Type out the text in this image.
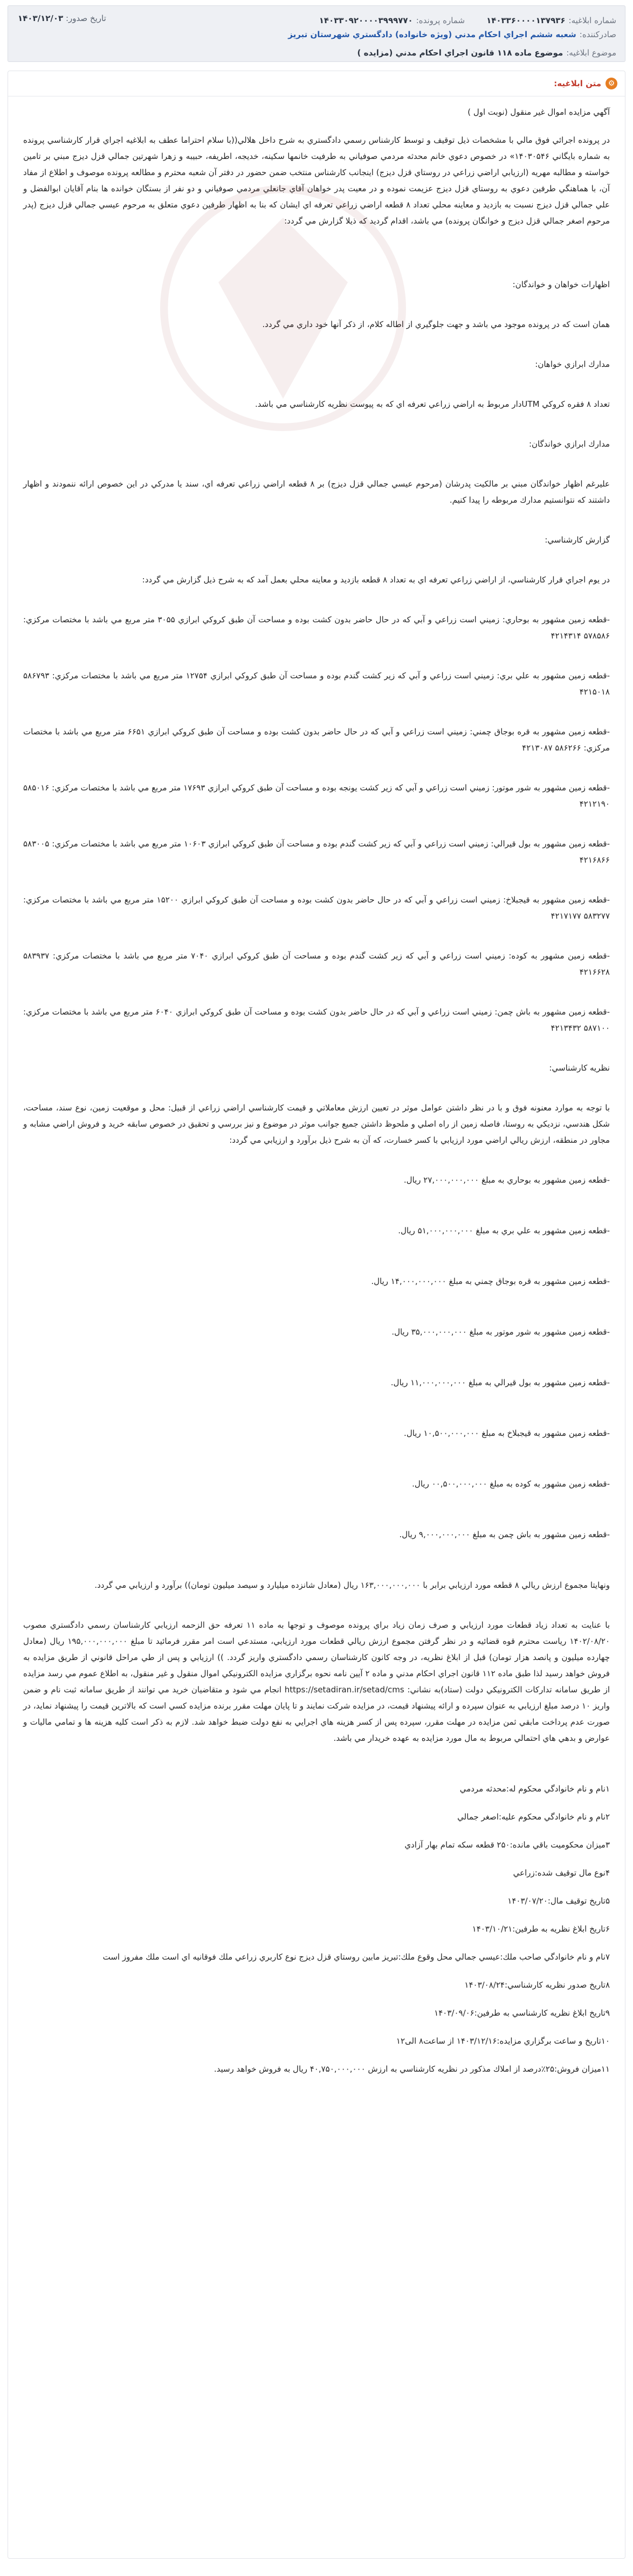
شماره ابلاغيه:
۱۴۰۳۳۶۰۰۰۰۱۳۷۹۳۶
شماره پرونده:
۱۴۰۳۳۰۹۲۰۰۰۰۳۹۹۹۷۷۰
تاريخ صدور: ۱۴۰۳/۱۲/۰۳
صادرکننده:
شعبه ششم اجراي احكام مدني (ويژه خانواده) دادگستري شهرستان تبريز
موضوع ابلاغيه:
موضوع ماده ۱۱۸ قانون اجراي احکام مدني (مزايده )
⚙
متن ابلاغيه:

آگهي مزايده اموال غير منقول (نوبت اول )

در پرونده اجرائي فوق مالي با مشخصات ذيل توقيف و توسط كارشناس رسمي دادگستري به شرح داخل هلالي((با سلام احتراما عطف به ابلاغيه اجراي قرار كارشناسي پرونده به شماره بايگاني ۱۴۰۳۰۵۴۶» در خصوص دعوي خانم محدثه مردمي صوفياني به طرفيت خانمها سكينه، خديجه، اطريفه، حبيبه و زهرا شهرتين جمالي قزل دیزج مبني بر تامين خواسته و مطالبه مهريه (ارزيابي اراضي زراعي در روستاي قزل دیزج) اينجانب كارشناس منتخب ضمن حضور در دفتر آن شعبه محترم و مطالعه پرونده موصوف و اطلاع از مفاد آن، با هماهنگي طرفين دعوي به روستاي قزل ديزج عزيمت نموده و در معيت پدر خواهان آقاي جانعلي مردمي صوفياني و دو نفر از بستگان خوانده ها بنام آقايان ابوالفضل و علي جمالي قزل ديزج نسبت به بازديد و معاينه محلي تعداد ۸ قطعه اراضي زراعي تعرفه اي ايشان كه بنا به اظهار طرفين دعوي متعلق به مرحوم عيسي جمالي قزل دیزج (پدر مرحوم اصغر جمالي قزل دیزج و خوانگان پرونده) مي باشد، اقدام گرديد كه ذيلا گزارش مي گردد:

اظهارات خواهان و خواندگان:

همان است كه در پرونده موجود مي باشد و جهت جلوگيري از اطاله كلام، از ذكر آنها خود داري مي گردد.

مدارك ابرازي خواهان:

تعداد ۸ فقره كروكي UTMدار مربوط به اراضي زراعي تعرفه اي كه به پيوست نظريه كارشناسي مي باشد.

مدارك ابرازي خواندگان:

عليرغم اظهار خواندگان مبني بر مالكيت پدرشان (مرحوم عيسي جمالي قزل ديزج) بر ۸ قطعه اراضي زراعي تعرفه اي، سند يا مدركي در اين خصوص ارائه ننمودند و اظهار داشتند كه نتوانستيم مدارك مربوطه را پيدا كنيم.

گزارش كارشناسي:

در يوم اجراي قرار كارشناسي، از اراضي زراعي تعرفه اي به تعداد ۸ قطعه بازديد و معاينه محلي بعمل آمد كه به شرح ذيل گزارش مي گردد:

-قطعه زمين مشهور به بوحاري: زميني است زراعي و آبي كه در حال حاضر بدون كشت بوده و مساحت آن طبق كروكي ابرازي ۳۰۵۵ متر مربع مي باشد با مختصات مركزي: ۵۷۸۵۸۶ ۴۲۱۴۳۱۴

-قطعه زمين مشهور به علي بري: زميني است زراعي و آبي كه زير كشت گندم بوده و مساحت آن طبق كروكي ابرازي ۱۲۷۵۴ متر مربع مي باشد با مختصات مركزي: ۵۸۶۷۹۳ ۴۲۱۵۰۱۸

-قطعه زمين مشهور به قره بوجاق چمني: زميني است زراعي و آبي كه در حال حاضر بدون كشت بوده و مساحت آن طبق كروكي ابرازي ۶۶۵۱ متر مربع مي باشد با مختصات مركزي: ۵۸۶۲۶۶ ۴۲۱۳۰۸۷

-قطعه زمين مشهور به شور موتور: زميني است زراعي و آبي كه زير كشت يونجه بوده و مساحت آن طبق كروكي ابرازي ۱۷۶۹۳ متر مربع مي باشد با مختصات مركزي: ۵۸۵۰۱۶ ۴۲۱۲۱۹۰

-قطعه زمين مشهور به بول قيرالي: زميني است زراعي و آبي كه زير كشت گندم بوده و مساحت آن طبق كروكي ابرازي ۱۰۶۰۳ متر مربع مي باشد با مختصات مركزي: ۵۸۳۰۰۵ ۴۲۱۶۸۶۶

-قطعه زمين مشهور به قيجبلاخ: زميني است زراعي و آبي كه در حال حاضر بدون كشت بوده و مساحت آن طبق كروكي ابرازي ۱۵۲۰۰ متر مربع مي باشد با مختصات مركزي: ۵۸۳۲۷۷ ۴۲۱۷۱۷۷

-قطعه زمين مشهور به كوده: زميني است زراعي و آبي كه زير كشت گندم بوده و مساحت آن طبق كروكي ابرازي ۷۰۴۰ متر مربع مي باشد با مختصات مركزي: ۵۸۳۹۳۷ ۴۲۱۶۶۲۸

-قطعه زمين مشهور به باش چمن: زميني است زراعي و آبي كه در حال حاضر بدون كشت بوده و مساحت آن طبق كروكي ابرازي ۶۰۴۰ متر مربع مي باشد با مختصات مركزي: ۵۸۷۱۰۰ ۴۲۱۳۴۳۲

نظريه كارشناسي:

با توجه به موارد معنونه فوق و با در نظر داشتن عوامل موثر در تعيين ارزش معاملاتي و قيمت كارشناسي اراضي زراعي از قبيل: محل و موقعيت زمين، نوع سند، مساحت، شكل هندسي، نزديكي به روستا، فاصله زمين از راه اصلي و ملحوظ داشتن جميع جوانب موثر در موضوع و نيز بررسي و تحقيق در خصوص سابقه خريد و فروش اراضي مشابه و مجاور در منطقه، ارزش ريالي اراضي مورد ارزيابي با كسر خسارت، كه آن به شرح ذيل برآورد و ارزيابي مي گردد:

-قطعه زمين مشهور به بوحاري به مبلغ ۲۷,۰۰۰,۰۰۰,۰۰۰ ريال.

-قطعه زمين مشهور به علي بري به مبلغ ۵۱,۰۰۰,۰۰۰,۰۰۰ ريال.

-قطعه زمين مشهور به قره بوجاق چمني به مبلغ ۱۴,۰۰۰,۰۰۰,۰۰۰ ريال.

-قطعه زمين مشهور به شور موتور به مبلغ ۳۵,۰۰۰,۰۰۰,۰۰۰ ريال.

-قطعه زمين مشهور به بول قيرالي به مبلغ ۱۱,۰۰۰,۰۰۰,۰۰۰ ريال.

-قطعه زمين مشهور به قيجبلاخ به مبلغ ۱۰,۵۰۰,۰۰۰,۰۰۰ ريال.

-قطعه زمين مشهور به كوده به مبلغ ۰۰,۵۰۰,۰۰۰,۰۰۰ ريال.

-قطعه زمين مشهور به باش چمن به مبلغ ۹,۰۰۰,۰۰۰,۰۰۰ ريال.

ونهايتا مجموع ارزش ريالي ۸ قطعه مورد ارزيابي برابر با ۱۶۳,۰۰۰,۰۰۰,۰۰۰ ريال (معادل شانزده ميليارد و سيصد ميليون تومان)) برآورد و ارزيابي مي گردد.

با عنايت به تعداد زياد قطعات مورد ارزيابي و صرف زمان زياد براي پرونده موصوف و توجها به ماده ۱۱ تعرفه حق الزحمه ارزيابي كارشناسان رسمي دادگستري مصوب ۱۴۰۲/۰۸/۲۰ رياست محترم قوه قضائيه و در نظر گرفتن مجموع ارزش ريالي قطعات مورد ارزيابي، مستدعي است امر مقرر فرمائيد تا مبلغ ۱۹۵,۰۰۰,۰۰۰,۰۰۰ ريال (معادل چهارده ميليون و پانصد هزار تومان) قبل از ابلاغ نظريه، در وجه كانون كارشناسان رسمي دادگستري واريز گردد. )) ارزيابي و پس از طي مراحل قانوني از طريق مزايده به فروش خواهد رسيد لذا طبق ماده ۱۱۲ قانون اجراي احكام مدني و ماده ۲ آيين نامه نحوه برگزاري مزايده الكترونيكي اموال منقول و غير منقول، به اطلاع عموم مي رسد مزايده از طريق سامانه تداركات الكترونيكي دولت (ستاد)به نشاني: https://setadiran.ir/setad/cms انجام مي شود و متقاضيان خريد مي توانند از طريق سامانه ثبت نام و ضمن واريز ۱۰ درصد مبلغ ارزيابي به عنوان سپرده و ارائه پيشنهاد قيمت، در مزايده شركت نمايند و تا پايان مهلت مقرر برنده مزايده كسي است كه بالاترين قيمت را پيشنهاد نمايد، در صورت عدم پرداخت مابقي ثمن مزايده در مهلت مقرر، سپرده پس از كسر هزينه هاي اجرايي به نفع دولت ضبط خواهد شد. لازم به ذكر است كليه هزينه ها و تمامي ماليات و عوارض و بدهي هاي احتمالي مربوط به مال مورد مزايده به عهده خريدار مي باشد.

۱نام و نام خانوادگي محکوم له:محدثه مردمي

۲نام و نام خانوادگي محکوم عليه:اصغر جمالي

۳ميزان محکوميت باقي مانده:۲۵۰ قطعه سكه تمام بهار آزادي

۴نوع مال توقيف شده:زراعي

۵تاريخ توقيف مال:۱۴۰۳/۰۷/۲۰

۶تاريخ ابلاغ نظريه به طرفين:۱۴۰۳/۱۰/۲۱

۷نام و نام خانوادگي صاحب ملك:عيسي جمالي محل وقوع ملك:تبريز مابين روستاي قزل ديزج نوع كاربري زراعي ملك فوقانيه اي است ملك مفروز است

۸تاريخ صدور نظريه كارشناسي:۱۴۰۳/۰۸/۲۴

۹تاريخ ابلاغ نظريه كارشناسي به طرفين:۱۴۰۳/۰۹/۰۶

۱۰تاريخ و ساعت برگزاري مزايده:۱۴۰۳/۱۲/۱۶ از ساعت۸ الی۱۲

۱۱ميزان فروش:۲۵٪درصد از املاك مذكور در نظريه كارشناسي به ارزش ۴۰,۷۵۰,۰۰۰,۰۰۰ ريال به فروش خواهد رسيد.
